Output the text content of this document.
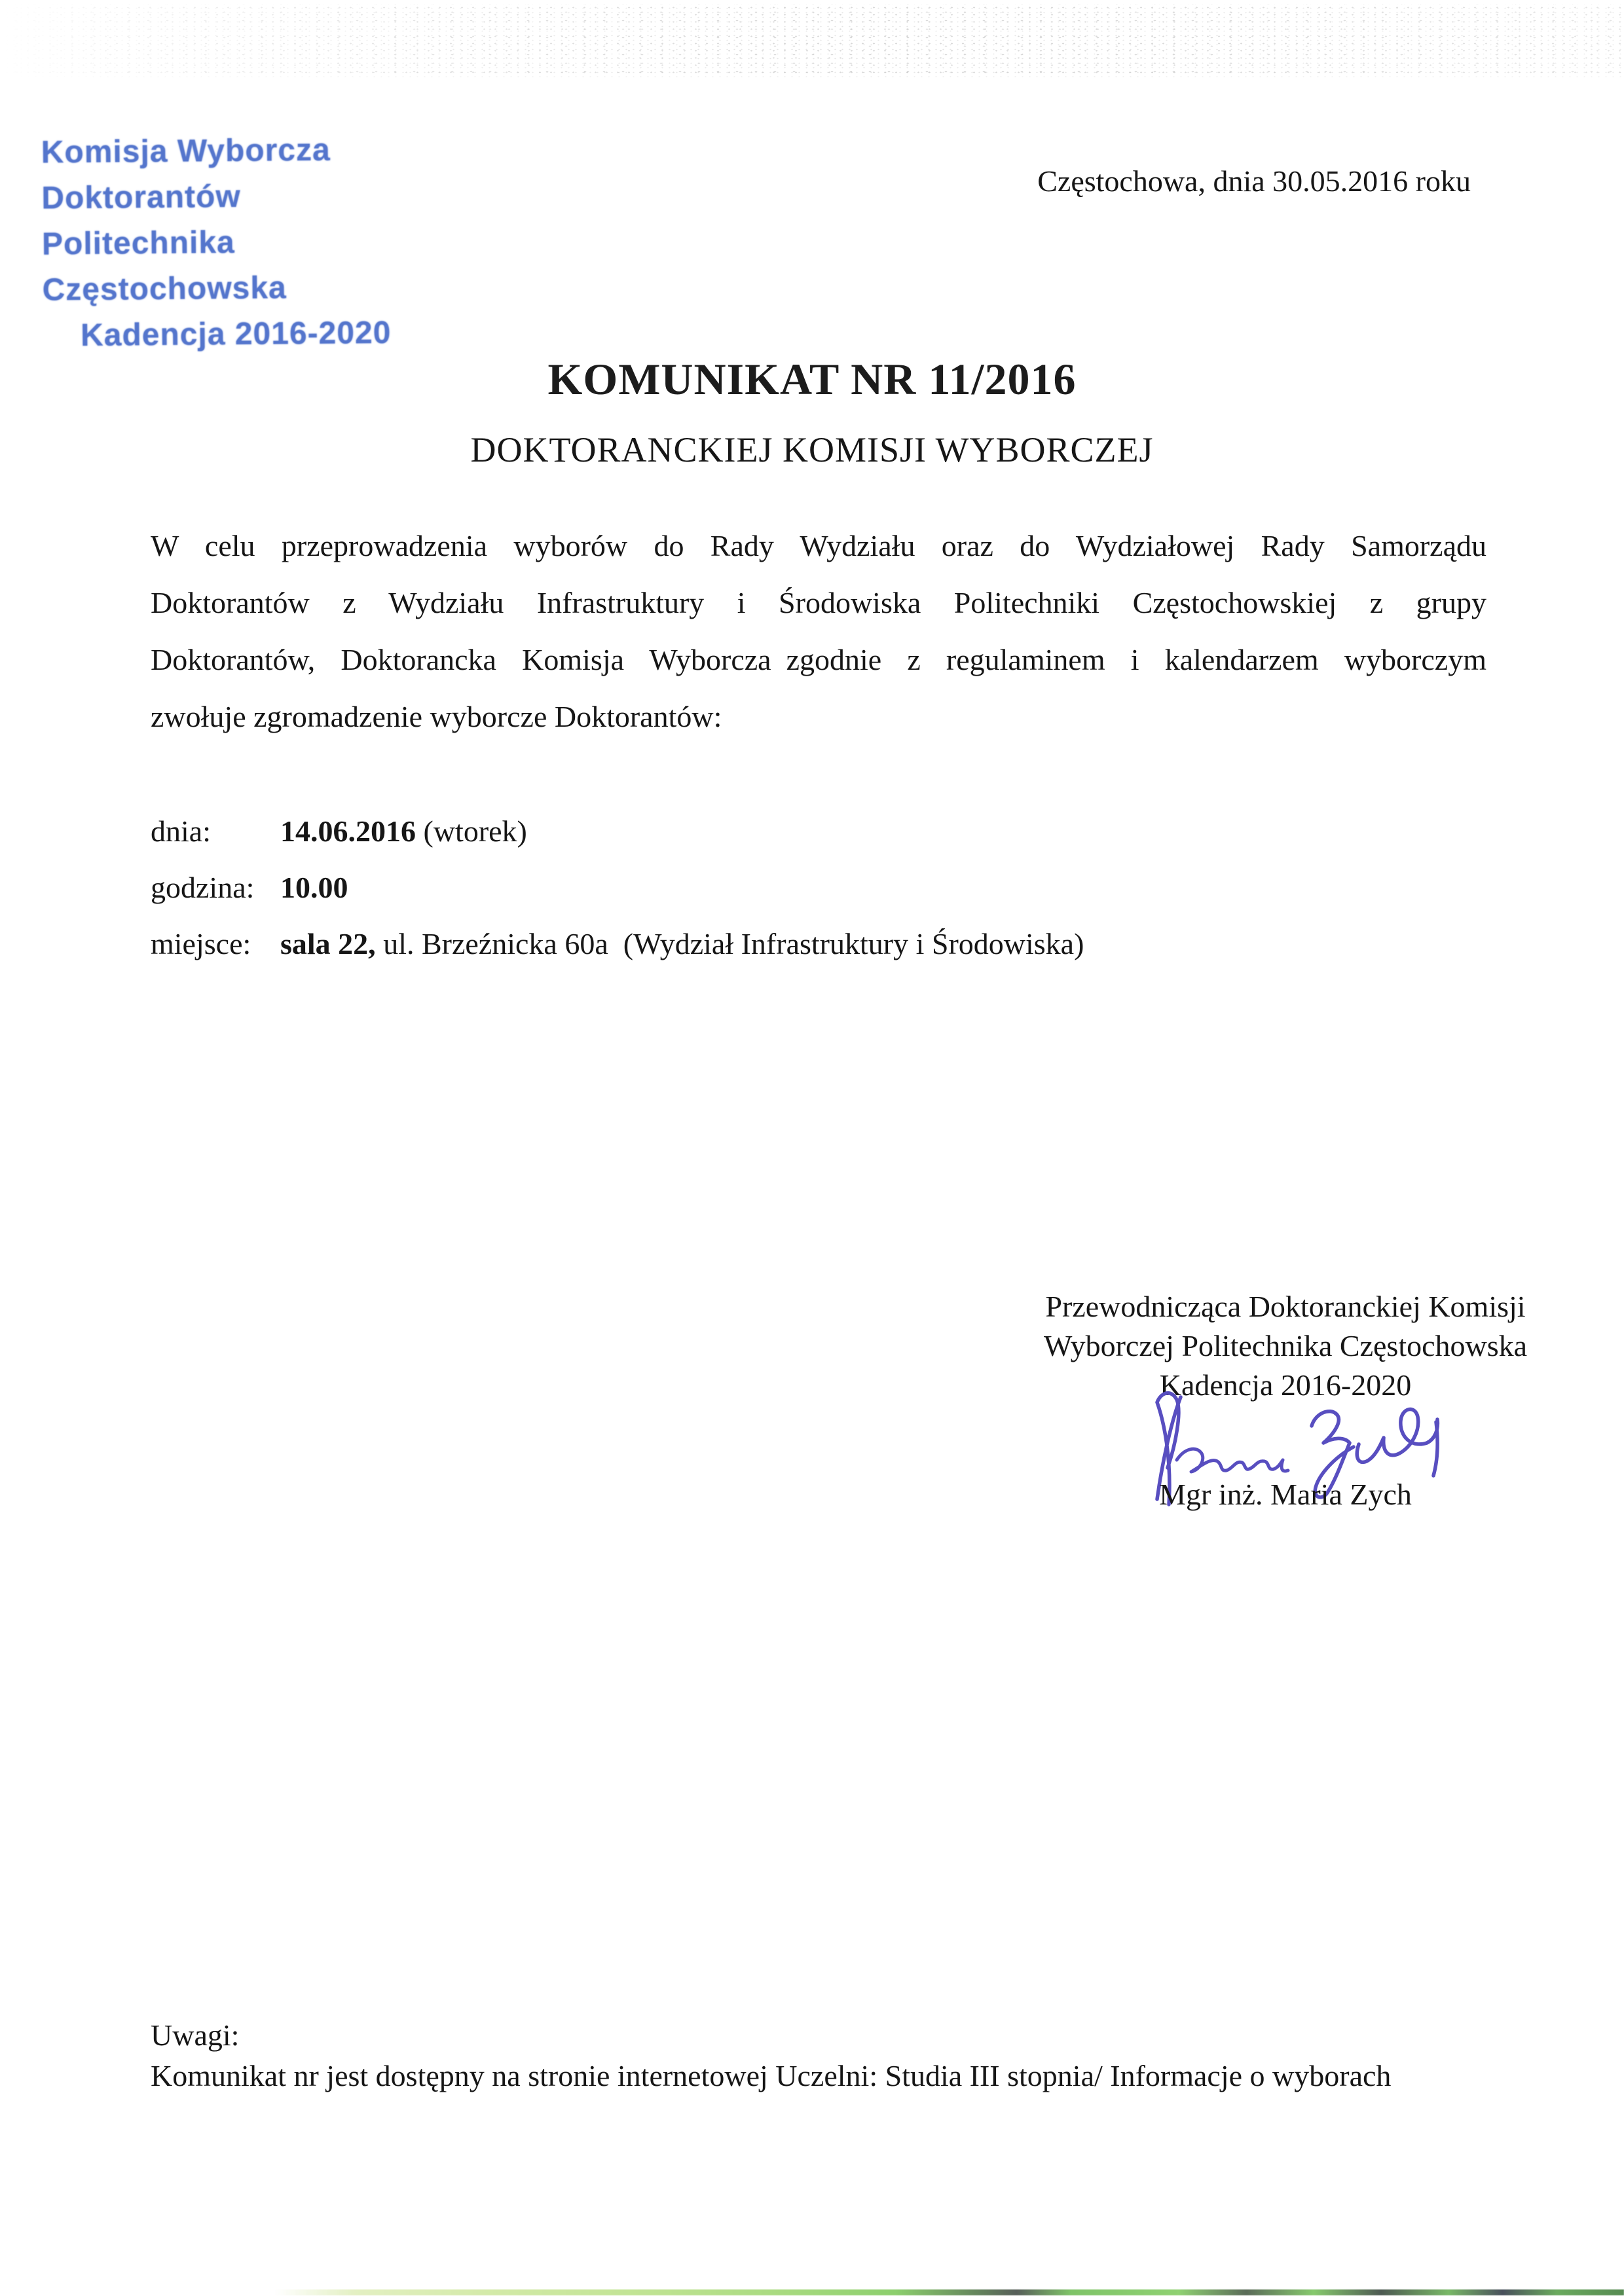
Komisja Wyborcza Doktorantów
Politechnika Częstochowska
Kadencja 2016-2020
Częstochowa, dnia 30.05.2016 roku
KOMUNIKAT NR 11/2016
DOKTORANCKIEJ KOMISJI WYBORCZEJ
W celu przeprowadzenia wyborów do Rady Wydziału oraz do Wydziałowej Rady Samorządu
Doktorantów z Wydziału Infrastruktury i Środowiska Politechniki Częstochowskiej z grupy
Doktorantów, Doktorancka Komisja Wyborcza zgodnie z regulaminem i kalendarzem wyborczym
zwołuje zgromadzenie wyborcze Doktorantów:
dnia: 14.06.2016 (wtorek)
godzina: 10.00
miejsce: sala 22, ul. Brzeźnicka 60a (Wydział Infrastruktury i Środowiska)
Przewodnicząca Doktoranckiej Komisji
Wyborczej Politechnika Częstochowska
Kadencja 2016-2020
Mgr inż. Maria Zych
Uwagi:
Komunikat nr jest dostępny na stronie internetowej Uczelni: Studia III stopnia/ Informacje o wyborach
